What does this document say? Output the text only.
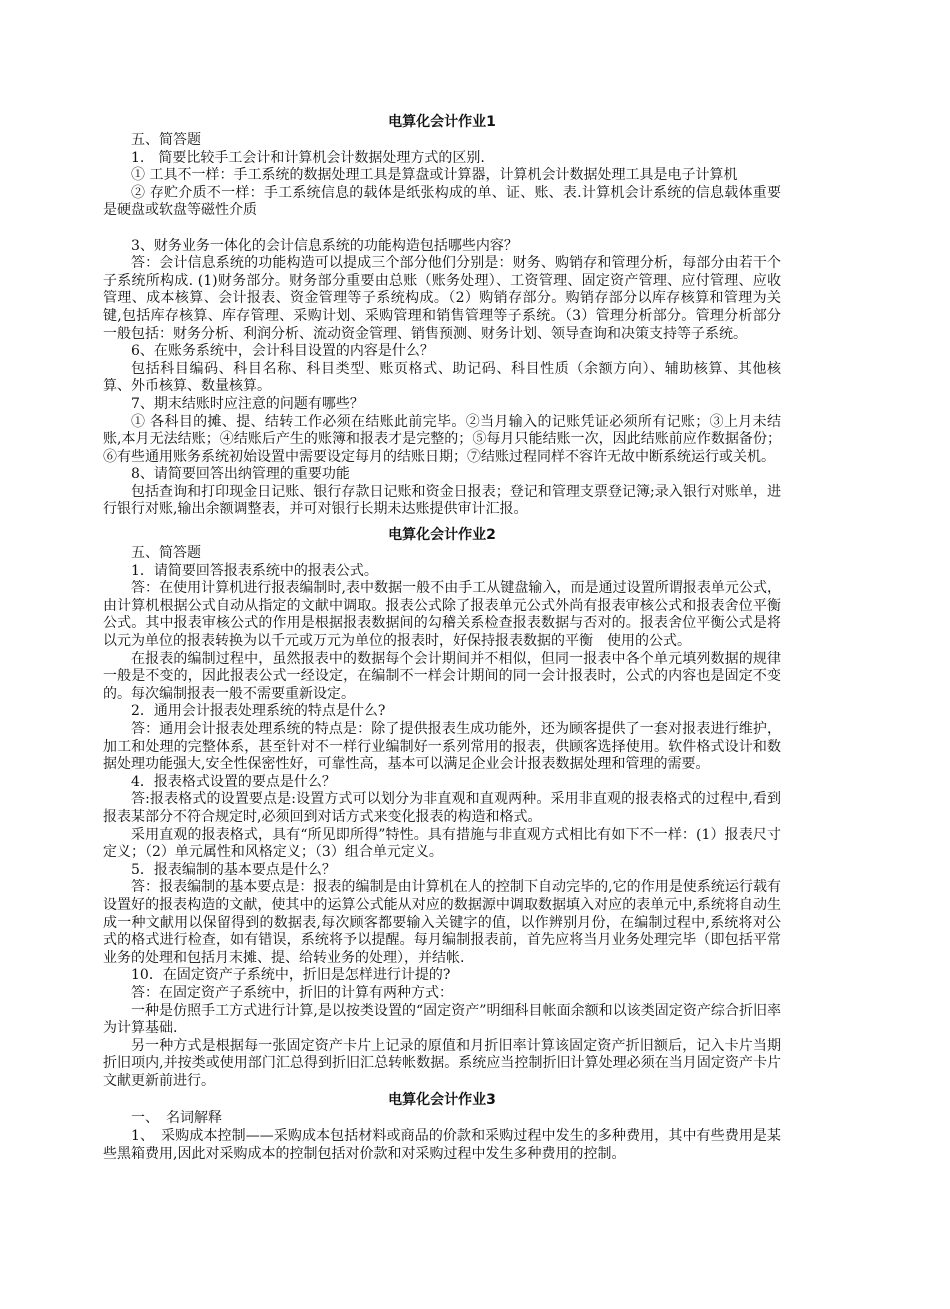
电算化会计作业1

五、简答题

1.　简要比较手工会计和计算机会计数据处理方式的区别.

① 工具不一样：手工系统的数据处理工具是算盘或计算器，计算机会计数据处理工具是电子计算机

② 存贮介质不一样：手工系统信息的载体是纸张构成的单、证、账、表.计算机会计系统的信息载体重要是硬盘或软盘等磁性介质

3、财务业务一体化的会计信息系统的功能构造包括哪些内容？

答：会计信息系统的功能构造可以提成三个部分他们分别是：财务、购销存和管理分析，每部分由若干个子系统所构成. (1)财务部分。财务部分重要由总账（账务处理）、工资管理、固定资产管理、应付管理、应收管理、成本核算、会计报表、资金管理等子系统构成。（2）购销存部分。购销存部分以库存核算和管理为关键,包括库存核算、库存管理、采购计划、采购管理和销售管理等子系统。（3）管理分析部分。管理分析部分一般包括：财务分析、利润分析、流动资金管理、销售预测、财务计划、领导查询和决策支持等子系统。

6、在账务系统中，会计科目设置的内容是什么？

包括科目编码、科目名称、科目类型、账页格式、助记码、科目性质（余额方向）、辅助核算、其他核算、外币核算、数量核算。

7、期末结账时应注意的问题有哪些？

① 各科目的摊、提、结转工作必须在结账此前完毕。②当月输入的记账凭证必须所有记账；③上月未结账,本月无法结账；④结账后产生的账簿和报表才是完整的；⑤每月只能结账一次，因此结账前应作数据备份；⑥有些通用账务系统初始设置中需要设定每月的结账日期；⑦结账过程同样不容许无故中断系统运行或关机。

8、请简要回答出纳管理的重要功能

包括查询和打印现金日记账、银行存款日记账和资金日报表；登记和管理支票登记簿;录入银行对账单，进行银行对账,输出余额调整表，并可对银行长期未达账提供审计汇报。

电算化会计作业2

五、简答题

1．请简要回答报表系统中的报表公式。

答：在使用计算机进行报表编制时,表中数据一般不由手工从键盘输入，而是通过设置所谓报表单元公式，由计算机根据公式自动从指定的文献中调取。报表公式除了报表单元公式外尚有报表审核公式和报表舍位平衡公式。其中报表审核公式的作用是根据报表数据间的勾稽关系检查报表数据与否对的。报表舍位平衡公式是将以元为单位的报表转换为以千元或万元为单位的报表时，好保持报表数据的平衡　使用的公式。

在报表的编制过程中，虽然报表中的数据每个会计期间并不相似，但同一报表中各个单元填列数据的规律一般是不变的，因此报表公式一经设定，在编制不一样会计期间的同一会计报表时，公式的内容也是固定不变的。每次编制报表一般不需要重新设定。

2．通用会计报表处理系统的特点是什么?

答：通用会计报表处理系统的特点是：除了提供报表生成功能外，还为顾客提供了一套对报表进行维护，加工和处理的完整体系，甚至针对不一样行业编制好一系列常用的报表，供顾客选择使用。软件格式设计和数据处理功能强大,安全性保密性好，可靠性高，基本可以满足企业会计报表数据处理和管理的需要。

4．报表格式设置的要点是什么？

答:报表格式的设置要点是:设置方式可以划分为非直观和直观两种。采用非直观的报表格式的过程中,看到报表某部分不符合规定时,必须回到对话方式来变化报表的构造和格式。

采用直观的报表格式，具有“所见即所得”特性。具有措施与非直观方式相比有如下不一样：(1）报表尺寸定义；（2）单元属性和风格定义；（3）组合单元定义。

5．报表编制的基本要点是什么？

答：报表编制的基本要点是：报表的编制是由计算机在人的控制下自动完毕的,它的作用是使系统运行载有设置好的报表构造的文献，使其中的运算公式能从对应的数据源中调取数据填入对应的表单元中,系统将自动生成一种文献用以保留得到的数据表,每次顾客都要输入关键字的值，以作辨别月份，在编制过程中,系统将对公式的格式进行检查，如有错误，系统将予以提醒。每月编制报表前，首先应将当月业务处理完毕（即包括平常业务的处理和包括月末摊、提、给转业务的处理），并结帐.

10．在固定资产子系统中，折旧是怎样进行计提的?

答：在固定资产子系统中，折旧的计算有两种方式：

一种是仿照手工方式进行计算,是以按类设置的“固定资产”明细科目帐面余额和以该类固定资产综合折旧率为计算基础.

另一种方式是根据每一张固定资产卡片上记录的原值和月折旧率计算该固定资产折旧额后，记入卡片当期折旧项内,并按类或使用部门汇总得到折旧汇总转帐数据。系统应当控制折旧计算处理必须在当月固定资产卡片文献更新前进行。

电算化会计作业3

一、　名词解释

1、　采购成本控制——采购成本包括材料或商品的价款和采购过程中发生的多种费用，其中有些费用是某些黑箱费用,因此对采购成本的控制包括对价款和对采购过程中发生多种费用的控制。
